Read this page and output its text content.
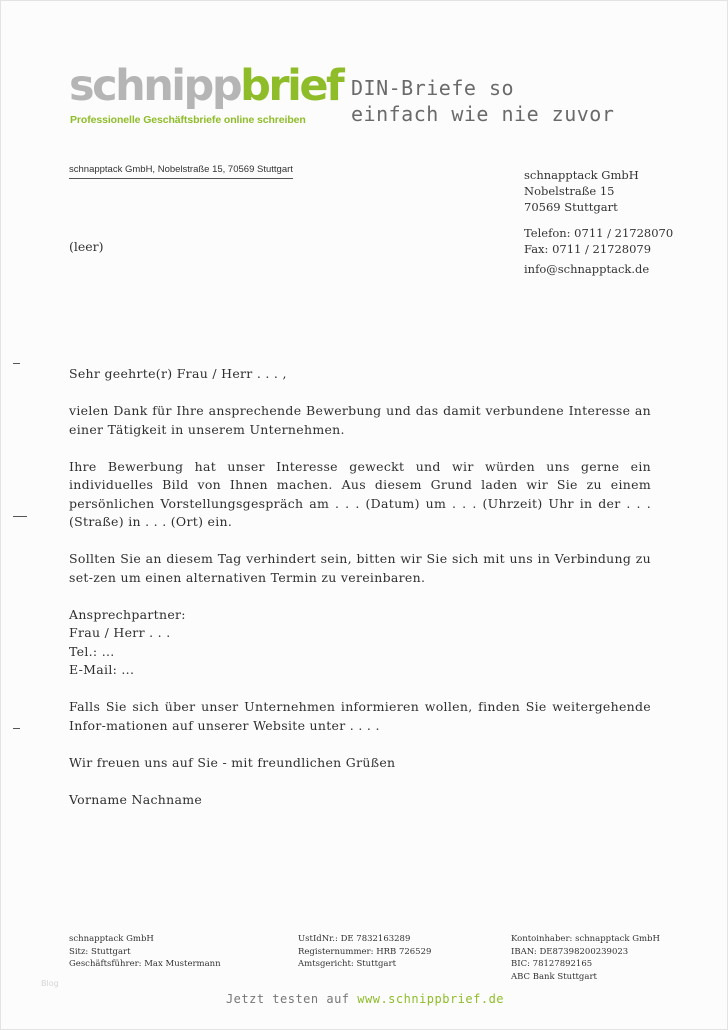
schnippbrief
Professionelle Geschäftsbriefe online schreiben
DIN-Briefe so
einfach wie nie zuvor
schnapptack GmbH, Nobelstraße 15, 70569 Stuttgart
(leer)
schnapptack GmbH
Nobelstraße 15
70569 Stuttgart
Telefon: 0711 / 21728070
Fax: 0711 / 21728079
info@schnapptack.de

Sehr geehrte(r) Frau / Herr . . . ,

vielen Dank für Ihre ansprechende Bewerbung und das damit verbundene Interesse an einer Tätigkeit in unserem Unternehmen.

Ihre Bewerbung hat unser Interesse geweckt und wir würden uns gerne ein individuelles Bild von Ihnen machen. Aus diesem Grund laden wir Sie zu einem persönlichen Vorstellungsgespräch am . . . (Datum) um . . . (Uhrzeit) Uhr in der . . . (Straße) in . . . (Ort) ein.

Sollten Sie an diesem Tag verhindert sein, bitten wir Sie sich mit uns in Verbindung zu set-zen um einen alternativen Termin zu vereinbaren.

Ansprechpartner:
Frau / Herr . . .
Tel.: ...
E-Mail: ...

Falls Sie sich über unser Unternehmen informieren wollen, finden Sie weitergehende Infor-mationen auf unserer Website unter . . . .

Wir freuen uns auf Sie - mit freundlichen Grüßen

Vorname Nachname

schnapptack GmbH
Sitz: Stuttgart
Geschäftsführer: Max Mustermann
UstIdNr.: DE 7832163289
Registernummer: HRB 726529
Amtsgericht: Stuttgart
Kontoinhaber: schnapptack GmbH
IBAN: DE87398200239023
BIC: 78127892165
ABC Bank Stuttgart
Blog
Jetzt testen auf www.schnippbrief.de
